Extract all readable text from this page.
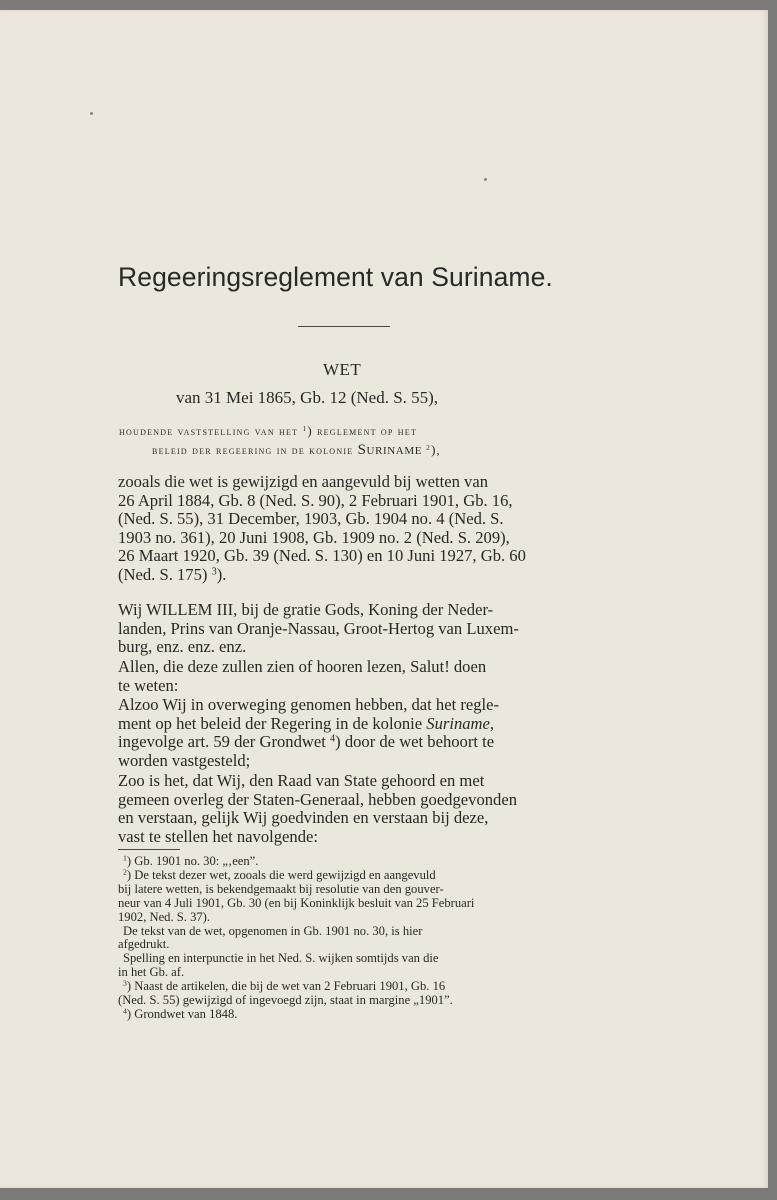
Regeeringsreglement van Suriname.
WET
van 31 Mei 1865, Gb. 12 (Ned. S. 55),
houdende vaststelling van het $^1$) reglement op het
beleid der regeering in de kolonie Suriname $^2$),
zooals die wet is gewijzigd en aangevuld bij wetten van
26 April 1884, Gb. 8 (Ned. S. 90), 2 Februari 1901, Gb. 16,
(Ned. S. 55), 31 December, 1903, Gb. 1904 no. 4 (Ned. S.
1903 no. 361), 20 Juni 1908, Gb. 1909 no. 2 (Ned. S. 209),
26 Maart 1920, Gb. 39 (Ned. S. 130) en 10 Juni 1927, Gb. 60
(Ned. S. 175) $^3$).
Wij WILLEM III, bij de gratie Gods, Koning der Neder-
landen, Prins van Oranje-Nassau, Groot-Hertog van Luxem-
burg, enz. enz. enz.
Allen, die deze zullen zien of hooren lezen, Salut! doen
te weten:
Alzoo Wij in overweging genomen hebben, dat het regle-
ment op het beleid der Regering in de kolonie Suriname,
ingevolge art. 59 der Grondwet $^4$) door de wet behoort te
worden vastgesteld;
Zoo is het, dat Wij, den Raad van State gehoord en met
gemeen overleg der Staten-Generaal, hebben goedgevonden
en verstaan, gelijk Wij goedvinden en verstaan bij deze,
vast te stellen het navolgende:
$^1$) Gb. 1901 no. 30: „‚een”.
$^2$) De tekst dezer wet, zooals die werd gewijzigd en aangevuld
bij latere wetten, is bekendgemaakt bij resolutie van den gouver-
neur van 4 Juli 1901, Gb. 30 (en bij Koninklijk besluit van 25 Februari
1902, Ned. S. 37).
De tekst van de wet, opgenomen in Gb. 1901 no. 30, is hier
afgedrukt.
Spelling en interpunctie in het Ned. S. wijken somtijds van die
in het Gb. af.
$^3$) Naast de artikelen, die bij de wet van 2 Februari 1901, Gb. 16
(Ned. S. 55) gewijzigd of ingevoegd zijn, staat in margine „1901”.
$^4$) Grondwet van 1848.
